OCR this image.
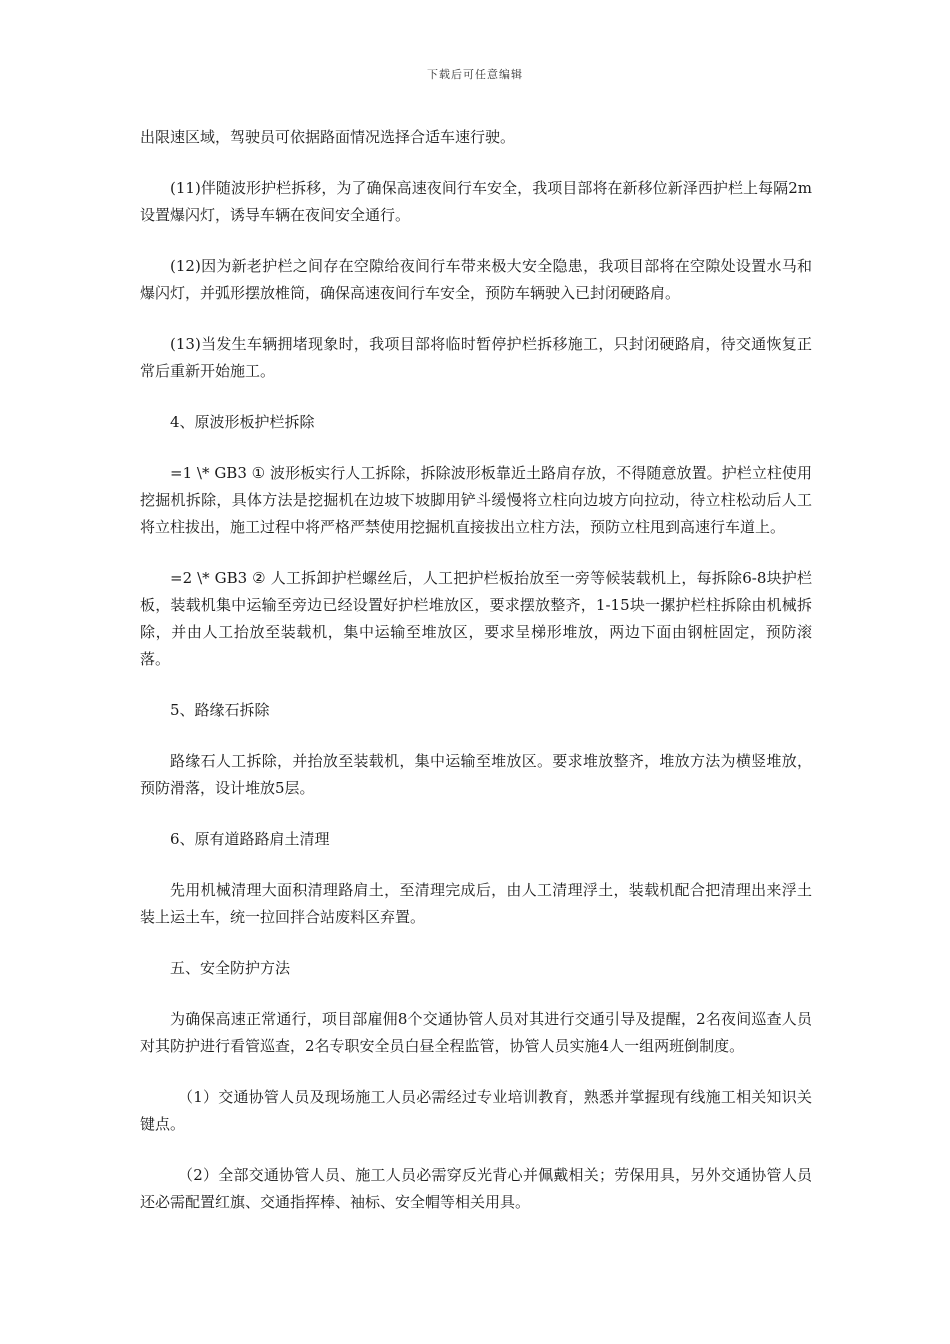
下载后可任意编辑

出限速区域，驾驶员可依据路面情况选择合适车速行驶。

(11)伴随波形护栏拆移，为了确保高速夜间行车安全，我项目部将在新移位新泽西护栏上每隔2m设置爆闪灯，诱导车辆在夜间安全通行。

(12)因为新老护栏之间存在空隙给夜间行车带来极大安全隐患，我项目部将在空隙处设置水马和爆闪灯，并弧形摆放椎筒，确保高速夜间行车安全，预防车辆驶入已封闭硬路肩。

(13)当发生车辆拥堵现象时，我项目部将临时暂停护栏拆移施工，只封闭硬路肩，待交通恢复正常后重新开始施工。

4、原波形板护栏拆除

=1 \* GB3 ① 波形板实行人工拆除，拆除波形板靠近土路肩存放，不得随意放置。护栏立柱使用挖掘机拆除，具体方法是挖掘机在边坡下坡脚用铲斗缓慢将立柱向边坡方向拉动，待立柱松动后人工将立柱拔出，施工过程中将严格严禁使用挖掘机直接拔出立柱方法，预防立柱甩到高速行车道上。

=2 \* GB3 ② 人工拆卸护栏螺丝后，人工把护栏板抬放至一旁等候装载机上，每拆除6-8块护栏板，装载机集中运输至旁边已经设置好护栏堆放区，要求摆放整齐，1-15块一摞护栏柱拆除由机械拆除，并由人工抬放至装载机，集中运输至堆放区，要求呈梯形堆放，两边下面由钢桩固定，预防滚落。

5、路缘石拆除

路缘石人工拆除，并抬放至装载机，集中运输至堆放区。要求堆放整齐，堆放方法为横竖堆放，预防滑落，设计堆放5层。

6、原有道路路肩土清理

先用机械清理大面积清理路肩土，至清理完成后，由人工清理浮土，装载机配合把清理出来浮土装上运土车，统一拉回拌合站废料区弃置。

五、安全防护方法

为确保高速正常通行，项目部雇佣8个交通协管人员对其进行交通引导及提醒，2名夜间巡查人员对其防护进行看管巡查，2名专职安全员白昼全程监管，协管人员实施4人一组两班倒制度。

（1）交通协管人员及现场施工人员必需经过专业培训教育，熟悉并掌握现有线施工相关知识关键点。

（2）全部交通协管人员、施工人员必需穿反光背心并佩戴相关；劳保用具，另外交通协管人员还必需配置红旗、交通指挥棒、袖标、安全帽等相关用具。
